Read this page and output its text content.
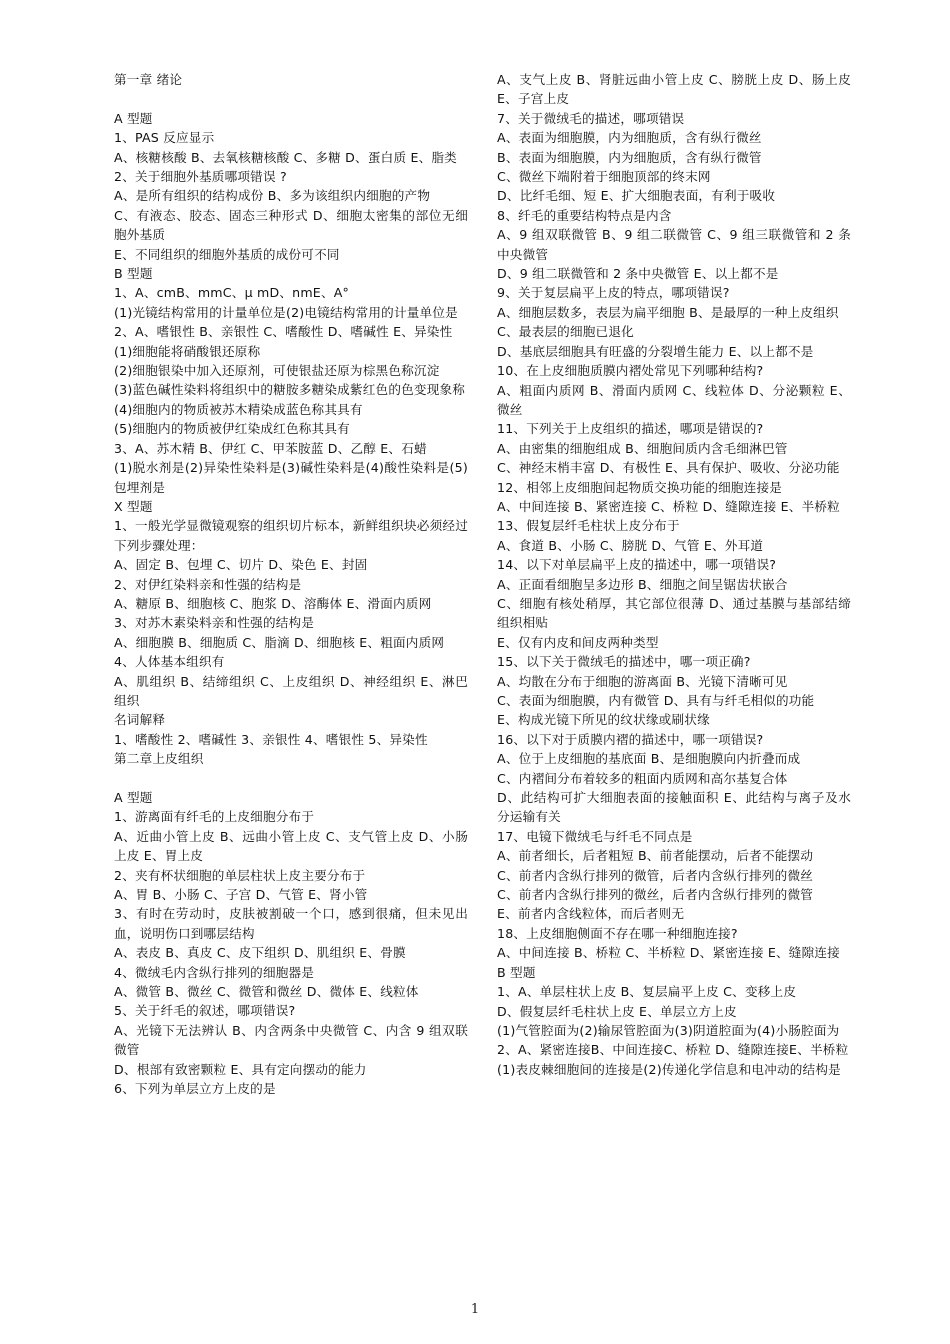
第一章 绪论
A 型题
1、PAS 反应显示
A、核糖核酸 B、去氧核糖核酸 C、多糖 D、蛋白质 E、脂类
2、关于细胞外基质哪项错误 ?
A、是所有组织的结构成份 B、多为该组织内细胞的产物
C、有液态、胶态、固态三种形式 D、细胞太密集的部位无细胞外基质
E、不同组织的细胞外基质的成份可不同
B 型题
1、A、cmB、mmC、μ mD、nmE、A°
(1)光镜结构常用的计量单位是(2)电镜结构常用的计量单位是
2、A、嗜银性 B、亲银性 C、嗜酸性 D、嗜碱性 E、异染性
(1)细胞能将硝酸银还原称
(2)细胞银染中加入还原剂，可使银盐还原为棕黑色称沉淀
(3)蓝色碱性染料将组织中的糖胺多糖染成紫红色的色变现象称
(4)细胞内的物质被苏木精染成蓝色称其具有
(5)细胞内的物质被伊红染成红色称其具有
3、A、苏木精 B、伊红 C、甲苯胺蓝 D、乙醇 E、石蜡
(1)脱水剂是(2)异染性染料是(3)碱性染料是(4)酸性染料是(5)包埋剂是
X 型题
1、一般光学显微镜观察的组织切片标本，新鲜组织块必须经过下列步骤处理：
A、固定 B、包埋 C、切片 D、染色 E、封固
2、对伊红染料亲和性强的结构是
A、糖原 B、细胞核 C、胞浆 D、溶酶体 E、滑面内质网
3、对苏木素染料亲和性强的结构是
A、细胞膜 B、细胞质 C、脂滴 D、细胞核 E、粗面内质网
4、人体基本组织有
A、肌组织 B、结缔组织 C、上皮组织 D、神经组织 E、淋巴组织
名词解释
1、嗜酸性 2、嗜碱性 3、亲银性 4、嗜银性 5、异染性
第二章上皮组织
A 型题
1、游离面有纤毛的上皮细胞分布于
A、近曲小管上皮 B、远曲小管上皮 C、支气管上皮 D、小肠上皮 E、胃上皮
2、夹有杯状细胞的单层柱状上皮主要分布于
A、胃 B、小肠 C、子宫 D、气管 E、肾小管
3、有时在劳动时，皮肤被割破一个口，感到很痛，但未见出血，说明伤口到哪层结构
A、表皮 B、真皮 C、皮下组织 D、肌组织 E、骨膜
4、微绒毛内含纵行排列的细胞器是
A、微管 B、微丝 C、微管和微丝 D、微体 E、线粒体
5、关于纤毛的叙述，哪项错误?
A、光镜下无法辨认 B、内含两条中央微管 C、内含 9 组双联微管
D、根部有致密颗粒 E、具有定向摆动的能力
6、下列为单层立方上皮的是
A、支气上皮 B、肾脏远曲小管上皮 C、膀胱上皮 D、肠上皮 E、子宫上皮
7、关于微绒毛的描述，哪项错误
A、表面为细胞膜，内为细胞质，含有纵行微丝
B、表面为细胞膜，内为细胞质，含有纵行微管
C、微丝下端附着于细胞顶部的终末网
D、比纤毛细、短 E、扩大细胞表面，有利于吸收
8、纤毛的重要结构特点是内含
A、9 组双联微管 B、9 组二联微管 C、9 组三联微管和 2 条中央微管
D、9 组二联微管和 2 条中央微管 E、以上都不是
9、关于复层扁平上皮的特点，哪项错误?
A、细胞层数多，表层为扁平细胞 B、是最厚的一种上皮组织
C、最表层的细胞已退化
D、基底层细胞具有旺盛的分裂增生能力 E、以上都不是
10、在上皮细胞质膜内褶处常见下列哪种结构?
A、粗面内质网 B、滑面内质网 C、线粒体 D、分泌颗粒 E、微丝
11、下列关于上皮组织的描述，哪项是错误的?
A、由密集的细胞组成 B、细胞间质内含毛细淋巴管
C、神经末梢丰富 D、有极性 E、具有保护、吸收、分泌功能
12、相邻上皮细胞间起物质交换功能的细胞连接是
A、中间连接 B、紧密连接 C、桥粒 D、缝隙连接 E、半桥粒
13、假复层纤毛柱状上皮分布于
A、食道 B、小肠 C、膀胱 D、气管 E、外耳道
14、以下对单层扁平上皮的描述中，哪一项错误?
A、正面看细胞呈多边形 B、细胞之间呈锯齿状嵌合
C、细胞有核处稍厚，其它部位很薄 D、通过基膜与基部结缔组织相贴
E、仅有内皮和间皮两种类型
15、以下关于微绒毛的描述中，哪一项正确?
A、均散在分布于细胞的游离面 B、光镜下清晰可见
C、表面为细胞膜，内有微管 D、具有与纤毛相似的功能
E、构成光镜下所见的纹状缘或刷状缘
16、以下对于质膜内褶的描述中，哪一项错误?
A、位于上皮细胞的基底面 B、是细胞膜向内折叠而成
C、内褶间分布着较多的粗面内质网和高尔基复合体
D、此结构可扩大细胞表面的接触面积 E、此结构与离子及水分运输有关
17、电镜下微绒毛与纤毛不同点是
A、前者细长，后者粗短 B、前者能摆动，后者不能摆动
C、前者内含纵行排列的微管，后者内含纵行排列的微丝
C、前者内含纵行排列的微丝，后者内含纵行排列的微管
E、前者内含线粒体，而后者则无
18、上皮细胞侧面不存在哪一种细胞连接?
A、中间连接 B、桥粒 C、半桥粒 D、紧密连接 E、缝隙连接
B 型题
1、A、单层柱状上皮 B、复层扁平上皮 C、变移上皮
D、假复层纤毛柱状上皮 E、单层立方上皮
(1)气管腔面为(2)输尿管腔面为(3)阴道腔面为(4)小肠腔面为
2、A、紧密连接B、中间连接C、桥粒 D、缝隙连接E、半桥粒
(1)表皮棘细胞间的连接是(2)传递化学信息和电冲动的结构是
1
